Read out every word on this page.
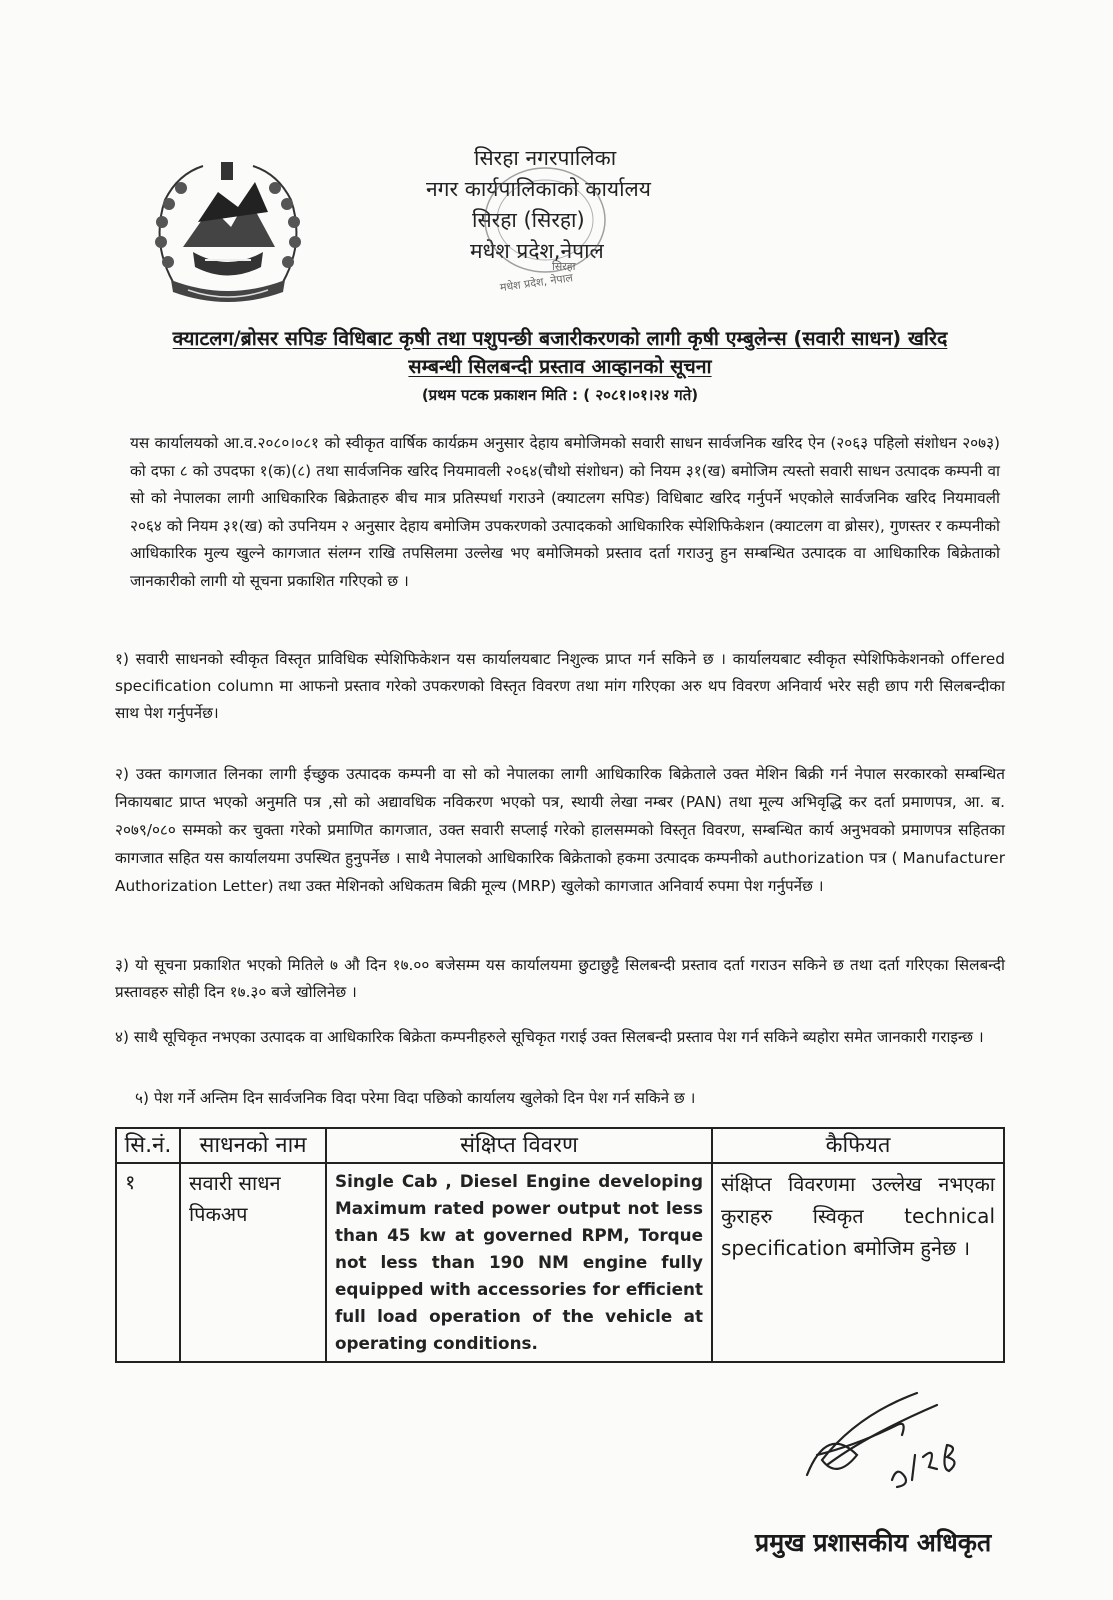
सिरहा नगरपालिका
नगर कार्यपालिकाको कार्यालय
सिरहा (सिरहा)
मधेश प्रदेश,नेपाल
सिरहा
मधेश प्रदेश, नेपाल
क्याटलग/ब्रोसर सपिङ विधिबाट कृषी तथा पशुपन्छी बजारीकरणको लागी कृषी एम्बुलेन्स (सवारी साधन) खरिद
सम्बन्धी सिलबन्दी प्रस्ताव आव्हानको सूचना
(प्रथम पटक प्रकाशन मिति : ( २०८१।०१।२४ गते)
यस कार्यालयको आ.व.२०८०।०८१ को स्वीकृत वार्षिक कार्यक्रम अनुसार देहाय बमोजिमको सवारी साधन सार्वजनिक खरिद ऐन (२०६३ पहिलो संशोधन २०७३) को दफा ८ को उपदफा १(क)(८) तथा सार्वजनिक खरिद नियमावली २०६४(चौथो संशोधन) को नियम ३१(ख) बमोजिम त्यस्तो सवारी साधन उत्पादक कम्पनी वा सो को नेपालका लागी आधिकारिक बिक्रेताहरु बीच मात्र प्रतिस्पर्धा गराउने (क्याटलग सपिङ) विधिबाट खरिद गर्नुपर्ने भएकोले सार्वजनिक खरिद नियमावली २०६४ को नियम ३१(ख) को उपनियम २ अनुसार देहाय बमोजिम उपकरणको उत्पादकको आधिकारिक स्पेशिफिकेशन (क्याटलग वा ब्रोसर), गुणस्तर र कम्पनीको आधिकारिक मुल्य खुल्ने कागजात संलग्न राखि तपसिलमा उल्लेख भए बमोजिमको प्रस्ताव दर्ता गराउनु हुन सम्बन्धित उत्पादक वा आधिकारिक बिक्रेताको जानकारीको लागी यो सूचना प्रकाशित गरिएको छ ।
१) सवारी साधनको स्वीकृत विस्तृत प्राविधिक स्पेशिफिकेशन यस कार्यालयबाट निशुल्क प्राप्त गर्न सकिने छ । कार्यालयबाट स्वीकृत स्पेशिफिकेशनको offered specification column मा आफनो प्रस्ताव गरेको उपकरणको विस्तृत विवरण तथा मांग गरिएका अरु थप विवरण अनिवार्य भरेर सही छाप गरी सिलबन्दीका साथ पेश गर्नुपर्नेछ।
२) उक्त कागजात लिनका लागी ईच्छुक उत्पादक कम्पनी वा सो को नेपालका लागी आधिकारिक बिक्रेताले उक्त मेशिन बिक्री गर्न नेपाल सरकारको सम्बन्धित निकायबाट प्राप्त भएको अनुमति पत्र ,सो को अद्यावधिक नविकरण भएको पत्र, स्थायी लेखा नम्बर (PAN) तथा मूल्य अभिवृद्धि कर दर्ता प्रमाणपत्र, आ. ब. २०७९/०८० सम्मको कर चुक्ता गरेको प्रमाणित कागजात, उक्त सवारी सप्लाई गरेको हालसम्मको विस्तृत विवरण, सम्बन्धित कार्य अनुभवको प्रमाणपत्र सहितका कागजात सहित यस कार्यालयमा उपस्थित हुनुपर्नेछ । साथै नेपालको आधिकारिक बिक्रेताको हकमा उत्पादक कम्पनीको authorization पत्र ( Manufacturer Authorization Letter) तथा उक्त मेशिनको अधिकतम बिक्री मूल्य (MRP) खुलेको कागजात अनिवार्य रुपमा पेश गर्नुपर्नेछ ।
३) यो सूचना प्रकाशित भएको मितिले ७ औ दिन १७.०० बजेसम्म यस कार्यालयमा छुटाछुट्टै सिलबन्दी प्रस्ताव दर्ता गराउन सकिने छ तथा दर्ता गरिएका सिलबन्दी प्रस्तावहरु सोही दिन १७.३० बजे खोलिनेछ ।
४) साथै सूचिकृत नभएका उत्पादक वा आधिकारिक बिक्रेता कम्पनीहरुले सूचिकृत गराई उक्त सिलबन्दी प्रस्ताव पेश गर्न सकिने ब्यहोरा समेत जानकारी गराइन्छ ।
५) पेश गर्ने अन्तिम दिन सार्वजनिक विदा परेमा विदा पछिको कार्यालय खुलेको दिन पेश गर्न सकिने छ ।
सि.नं.	साधनको नाम	संक्षिप्त विवरण	कैफियत
१	सवारी साधन पिकअप	Single Cab , Diesel Engine developing Maximum rated power output not less than 45 kw at governed RPM, Torque not less than 190 NM engine fully equipped with accessories for efficient full load operation of the vehicle at operating conditions.	संक्षिप्त विवरणमा उल्लेख नभएका कुराहरु स्विकृत technical specification बमोजिम हुनेछ ।
प्रमुख प्रशासकीय अधिकृत
